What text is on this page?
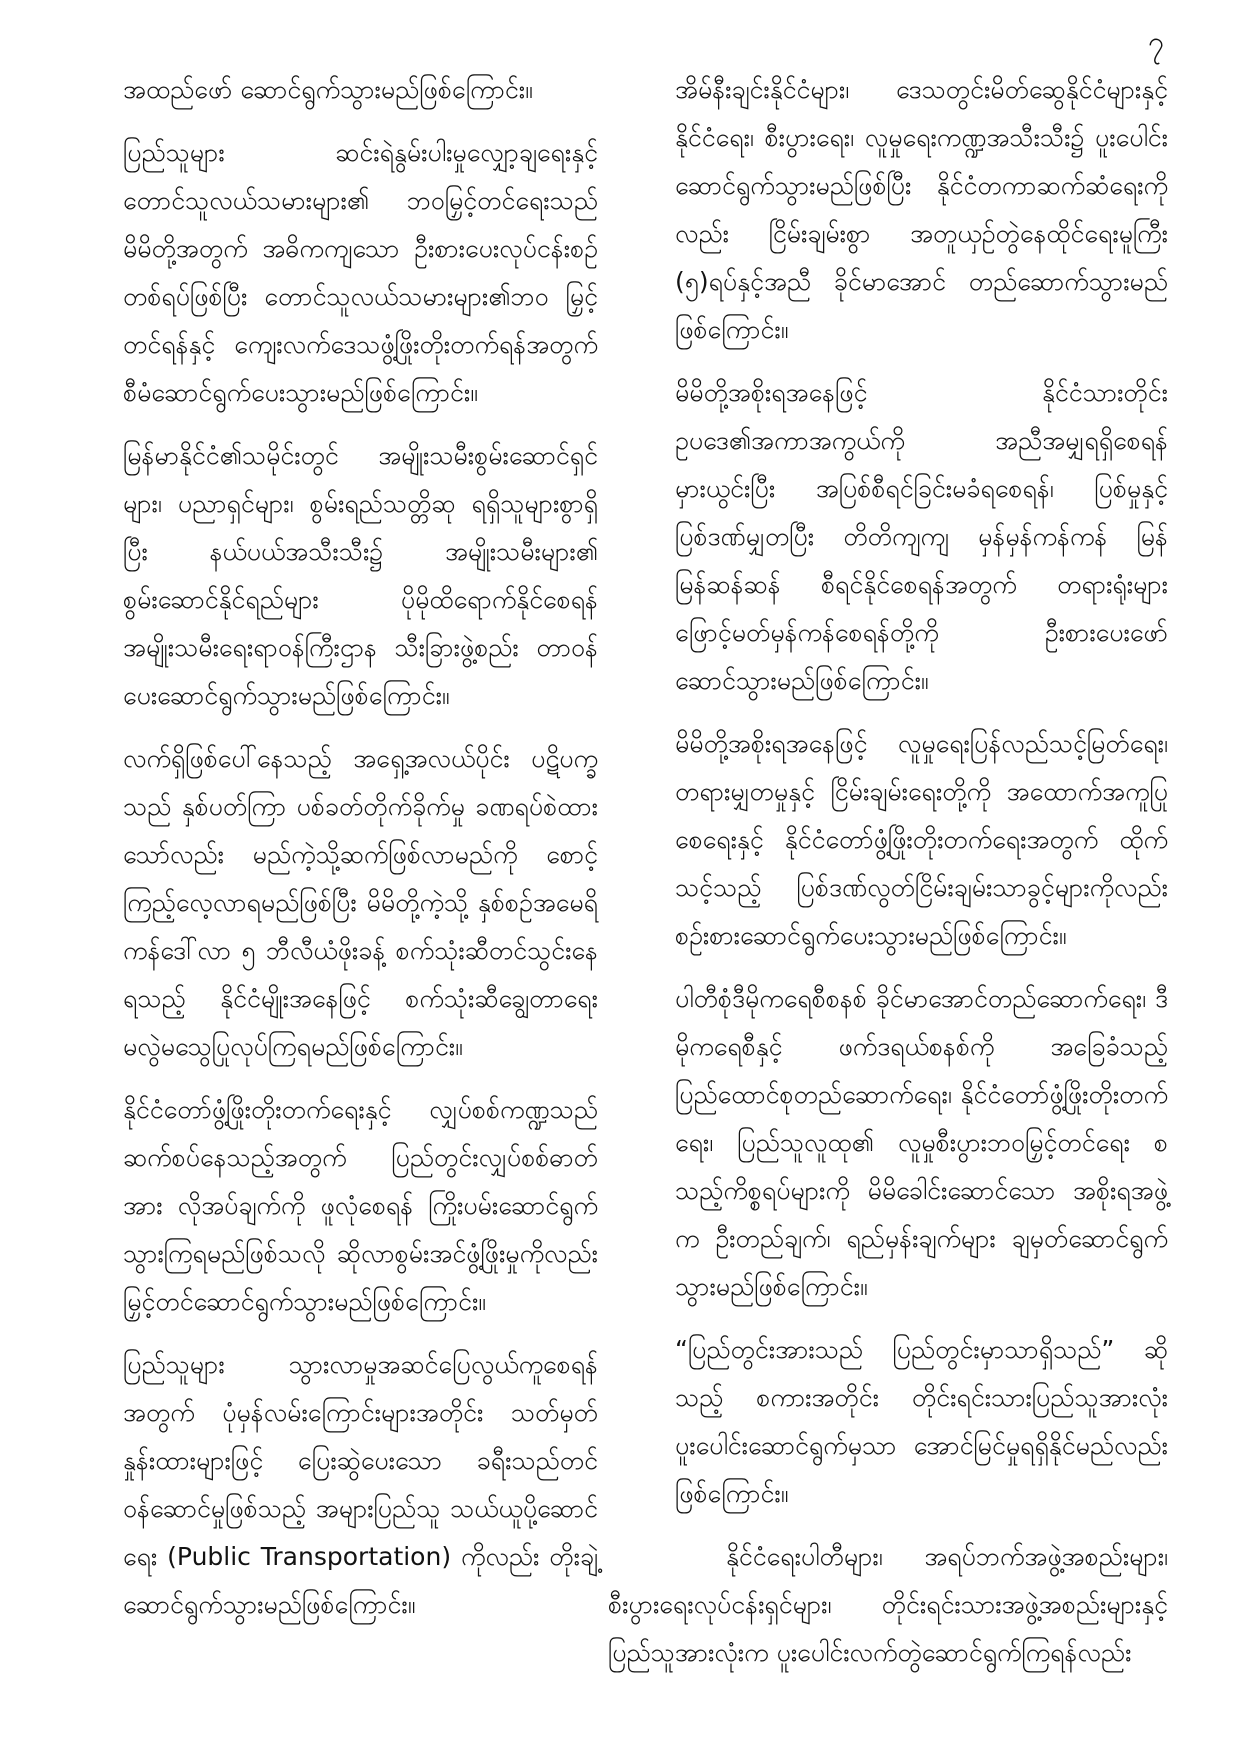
၇

အထည်ဖော် ဆောင်ရွက်သွားမည်ဖြစ်ကြောင်း။

ပြည်သူများ ဆင်းရဲနွမ်းပါးမှုလျှော့ချရေးနှင့် တောင်သူလယ်သမားများ၏ ဘဝမြှင့်တင်ရေးသည် မိမိတို့အတွက် အဓိကကျသော ဦးစားပေးလုပ်ငန်းစဉ်တစ်ရပ်ဖြစ်ပြီး တောင်သူလယ်သမားများ၏ဘဝ မြှင့်တင်ရန်နှင့် ကျေးလက်ဒေသဖွံ့ဖြိုးတိုးတက်ရန်အတွက် စီမံဆောင်ရွက်ပေးသွားမည်ဖြစ်ကြောင်း။

မြန်မာနိုင်ငံ၏သမိုင်းတွင် အမျိုးသမီးစွမ်းဆောင်ရှင်များ၊ ပညာရှင်များ၊ စွမ်းရည်သတ္တိဆု ရရှိသူများစွာရှိပြီး နယ်ပယ်အသီးသီး၌ အမျိုးသမီးများ၏ စွမ်းဆောင်နိုင်ရည်များ ပိုမိုထိရောက်နိုင်စေရန် အမျိုးသမီးရေးရာဝန်ကြီးဌာန သီးခြားဖွဲ့စည်း တာဝန်ပေးဆောင်ရွက်သွားမည်ဖြစ်ကြောင်း။

လက်ရှိဖြစ်ပေါ်နေသည့် အရှေ့အလယ်ပိုင်း ပဋိပက္ခသည် နှစ်ပတ်ကြာ ပစ်ခတ်တိုက်ခိုက်မှု ခဏရပ်စဲထားသော်လည်း မည်ကဲ့သို့ဆက်ဖြစ်လာမည်ကို စောင့်ကြည့်လေ့လာရမည်ဖြစ်ပြီး မိမိတို့ကဲ့သို့ နှစ်စဉ်အမေရိကန်ဒေါ်လာ ၅ ဘီလီယံဖိုးခန့် စက်သုံးဆီတင်သွင်းနေရသည့် နိုင်ငံမျိုးအနေဖြင့် စက်သုံးဆီချွေတာရေး မလွဲမသွေပြုလုပ်ကြရမည်ဖြစ်ကြောင်း။

နိုင်ငံတော်ဖွံ့ဖြိုးတိုးတက်ရေးနှင့် လျှပ်စစ်ကဏ္ဍသည် ဆက်စပ်နေသည့်အတွက် ပြည်တွင်းလျှပ်စစ်ဓာတ်အား လိုအပ်ချက်ကို ဖူလုံစေရန် ကြိုးပမ်းဆောင်ရွက်သွားကြရမည်ဖြစ်သလို ဆိုလာစွမ်းအင်ဖွံ့ဖြိုးမှုကိုလည်း မြှင့်တင်ဆောင်ရွက်သွားမည်ဖြစ်ကြောင်း။

ပြည်သူများ သွားလာမှုအဆင်ပြေလွယ်ကူစေရန်အတွက် ပုံမှန်လမ်းကြောင်းများအတိုင်း သတ်မှတ်နှုန်းထားများဖြင့် ပြေးဆွဲပေးသော ခရီးသည်တင်ဝန်ဆောင်မှုဖြစ်သည့် အများပြည်သူ သယ်ယူပို့ဆောင်ရေး (Public Transportation) ကိုလည်း တိုးချဲ့ဆောင်ရွက်သွားမည်ဖြစ်ကြောင်း။

အိမ်နီးချင်းနိုင်ငံများ၊ ဒေသတွင်းမိတ်ဆွေနိုင်ငံများနှင့် နိုင်ငံရေး၊ စီးပွားရေး၊ လူမှုရေးကဏ္ဍအသီးသီး၌ ပူးပေါင်းဆောင်ရွက်သွားမည်ဖြစ်ပြီး နိုင်ငံတကာဆက်ဆံရေးကိုလည်း ငြိမ်းချမ်းစွာ အတူယှဉ်တွဲနေထိုင်ရေးမူကြီး (၅)ရပ်နှင့်အညီ ခိုင်မာအောင် တည်ဆောက်သွားမည်ဖြစ်ကြောင်း။

မိမိတို့အစိုးရအနေဖြင့် နိုင်ငံသားတိုင်း ဥပဒေ၏အကာအကွယ်ကို အညီအမျှရရှိစေရန် မှားယွင်းပြီး အပြစ်စီရင်ခြင်းမခံရစေရန်၊ ပြစ်မှုနှင့် ပြစ်ဒဏ်မျှတပြီး တိတိကျကျ မှန်မှန်ကန်ကန် မြန်မြန်ဆန်ဆန် စီရင်နိုင်စေရန်အတွက် တရားရုံးများ ဖြောင့်မတ်မှန်ကန်စေရန်တို့ကို ဦးစားပေးဖော်ဆောင်သွားမည်ဖြစ်ကြောင်း။

မိမိတို့အစိုးရအနေဖြင့် လူမှုရေးပြန်လည်သင့်မြတ်ရေး၊ တရားမျှတမှုနှင့် ငြိမ်းချမ်းရေးတို့ကို အထောက်အကူပြုစေရေးနှင့် နိုင်ငံတော်ဖွံ့ဖြိုးတိုးတက်ရေးအတွက် ထိုက်သင့်သည့် ပြစ်ဒဏ်လွတ်ငြိမ်းချမ်းသာခွင့်များကိုလည်း စဉ်းစားဆောင်ရွက်ပေးသွားမည်ဖြစ်ကြောင်း။

ပါတီစုံဒီမိုကရေစီစနစ် ခိုင်မာအောင်တည်ဆောက်ရေး၊ ဒီမိုကရေစီနှင့် ဖက်ဒရယ်စနစ်ကို အခြေခံသည့် ပြည်ထောင်စုတည်ဆောက်ရေး၊ နိုင်ငံတော်ဖွံ့ဖြိုးတိုးတက်ရေး၊ ပြည်သူလူထု၏ လူမှုစီးပွားဘဝမြှင့်တင်ရေး စသည့်ကိစ္စရပ်များကို မိမိခေါင်းဆောင်သော အစိုးရအဖွဲ့က ဦးတည်ချက်၊ ရည်မှန်းချက်များ ချမှတ်ဆောင်ရွက်သွားမည်ဖြစ်ကြောင်း။

“ပြည်တွင်းအားသည် ပြည်တွင်းမှာသာရှိသည်” ဆိုသည့် စကားအတိုင်း တိုင်းရင်းသားပြည်သူအားလုံး ပူးပေါင်းဆောင်ရွက်မှသာ အောင်မြင်မှုရရှိနိုင်မည်လည်းဖြစ်ကြောင်း။

နိုင်ငံရေးပါတီများ၊ အရပ်ဘက်အဖွဲ့အစည်းများ၊ စီးပွားရေးလုပ်ငန်းရှင်များ၊ တိုင်းရင်းသားအဖွဲ့အစည်းများနှင့် ပြည်သူအားလုံးက ပူးပေါင်းလက်တွဲဆောင်ရွက်ကြရန်လည်း
